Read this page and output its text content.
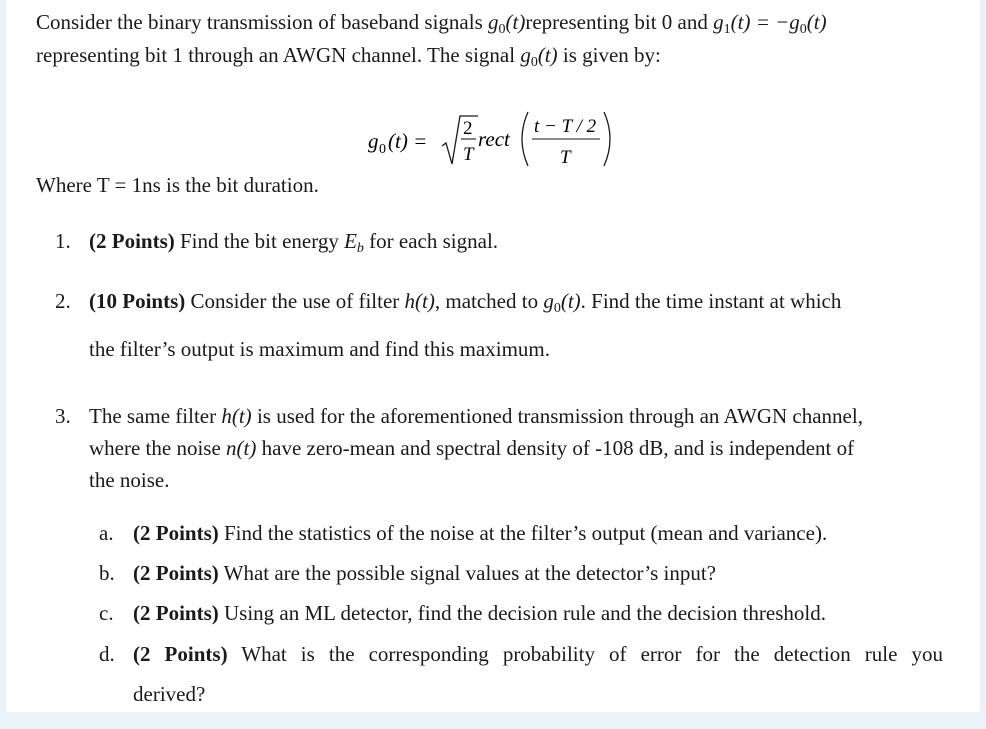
Consider the binary transmission of baseband signals $g_0(t)representing$ bit 0 and $g_1(t) = -g_0(t)$
representing bit 1 through an AWGN channel. The signal $g_0(t)$ is given by:
g 0 (t) =
2
T
rect
t − T / 2
T
Where T = 1ns is the bit duration.
1. (2 Points) Find the bit energy $E_b$ for each signal.
2. (10 Points) Consider the use of filter h(t), matched to $g_0(t)$. Find the time instant at which
the filter’s output is maximum and find this maximum.
3. The same filter h(t) is used for the aforementioned transmission through an AWGN channel,
where the noise n(t) have zero-mean and spectral density of -108 dB, and is independent of
the noise.
a. (2 Points) Find the statistics of the noise at the filter’s output (mean and variance).
b. (2 Points) What are the possible signal values at the detector’s input?
c. (2 Points) Using an ML detector, find the decision rule and the decision threshold.
d. (2 Points) What is the corresponding probability of error for the detection rule you
derived?
